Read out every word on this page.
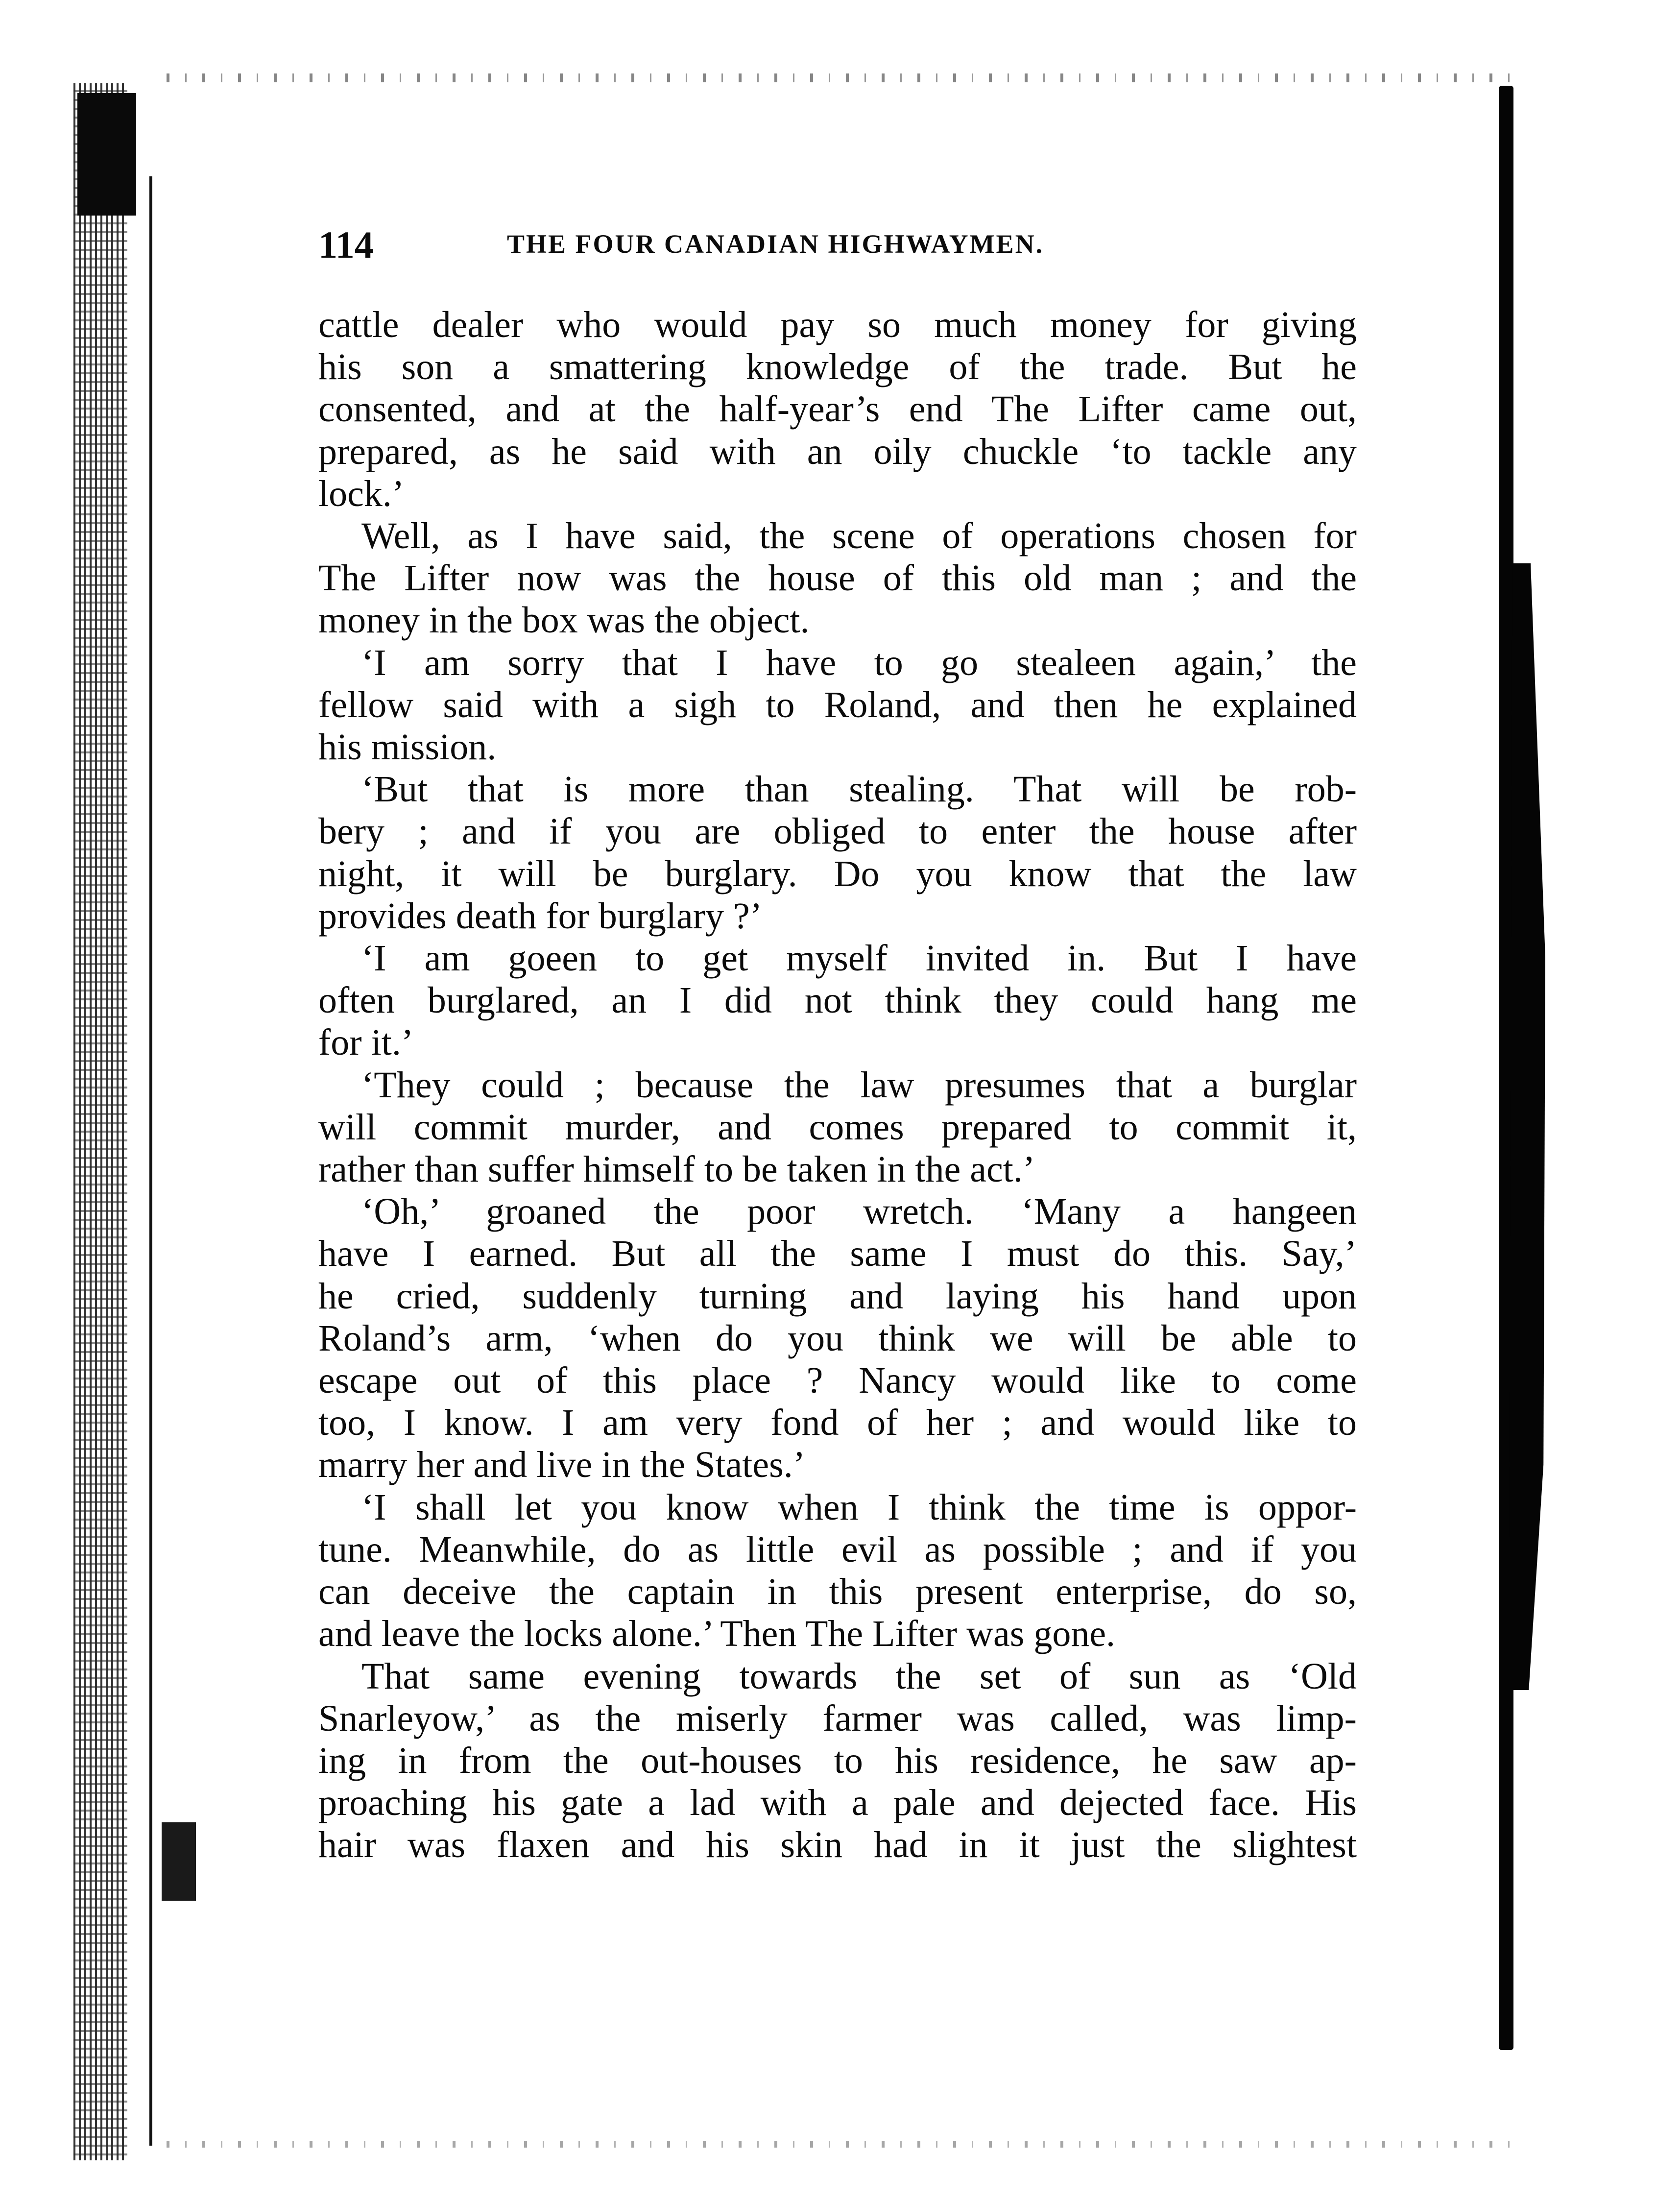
114	THE FOUR CANADIAN HIGHWAYMEN.

cattle dealer who would pay so much money for giving

his son a smattering knowledge of the trade. But he

consented, and at the half-year’s end The Lifter came out,

prepared, as he said with an oily chuckle ‘to tackle any

lock.’

Well, as I have said, the scene of operations chosen for

The Lifter now was the house of this old man ; and the

money in the box was the object.

‘I am sorry that I have to go stealeen again,’ the

fellow said with a sigh to Roland, and then he explained

his mission.

‘But that is more than stealing. That will be rob-

bery ; and if you are obliged to enter the house after

night, it will be burglary. Do you know that the law

provides death for burglary ?’

‘I am goeen to get myself invited in. But I have

often burglared, an I did not think they could hang me

for it.’

‘They could ; because the law presumes that a burglar

will commit murder, and comes prepared to commit it,

rather than suffer himself to be taken in the act.’

‘Oh,’ groaned the poor wretch. ‘Many a hangeen

have I earned. But all the same I must do this. Say,’

he cried, suddenly turning and laying his hand upon

Roland’s arm, ‘when do you think we will be able to

escape out of this place ? Nancy would like to come

too, I know. I am very fond of her ; and would like to

marry her and live in the States.’

‘I shall let you know when I think the time is oppor-

tune. Meanwhile, do as little evil as possible ; and if you

can deceive the captain in this present enterprise, do so,

and leave the locks alone.’ Then The Lifter was gone.

That same evening towards the set of sun as ‘Old

Snarleyow,’ as the miserly farmer was called, was limp-

ing in from the out-houses to his residence, he saw ap-

proaching his gate a lad with a pale and dejected face. His

hair was flaxen and his skin had in it just the slightest
